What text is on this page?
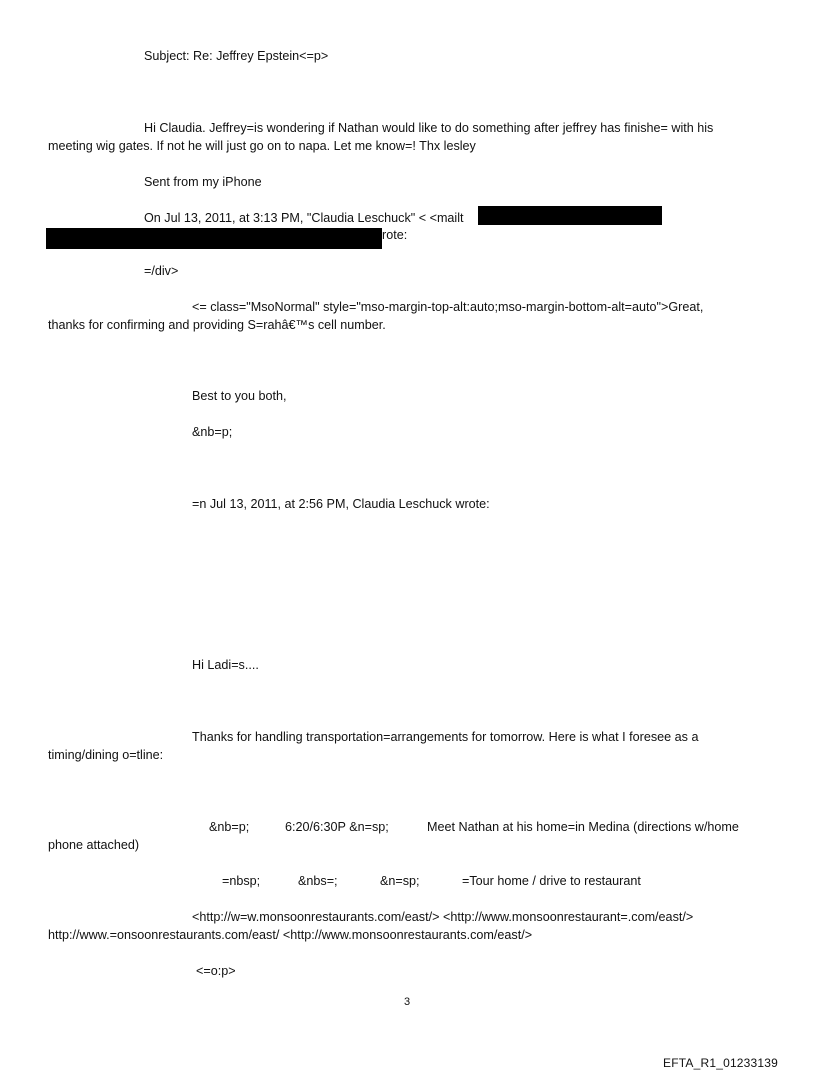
Subject: Re: Jeffrey Epstein<=p>
Hi Claudia. Jeffrey=is wondering if Nathan would like to do something after jeffrey has finishe= with his
meeting wig gates. If not he will just go on to napa. Let me know=! Thx lesley
Sent from my iPhone
On Jul 13, 2011, at 3:13 PM, "Claudia Leschuck" < <mailt
rote:
=/div>
<= class="MsoNormal" style="mso-margin-top-alt:auto;mso-margin-bottom-alt=auto">Great,
thanks for confirming and providing S=rahâ€™s cell number.
Best to you both,
&nb=p;
=n Jul 13, 2011, at 2:56 PM, Claudia Leschuck wrote:
Hi Ladi=s....
Thanks for handling transportation=arrangements for tomorrow. Here is what I foresee as a
timing/dining o=tline:
&nb=p;	6:20/6:30P &n=sp;	Meet Nathan at his home=in Medina (directions w/home
phone attached)
=nbsp;	&nbs=;	&n=sp;	=Tour home / drive to restaurant
<http://w=w.monsoonrestaurants.com/east/> <http://www.monsoonrestaurant=.com/east/>
http://www.=onsoonrestaurants.com/east/ <http://www.monsoonrestaurants.com/east/>
<=o:p>
3
EFTA_R1_01233139
